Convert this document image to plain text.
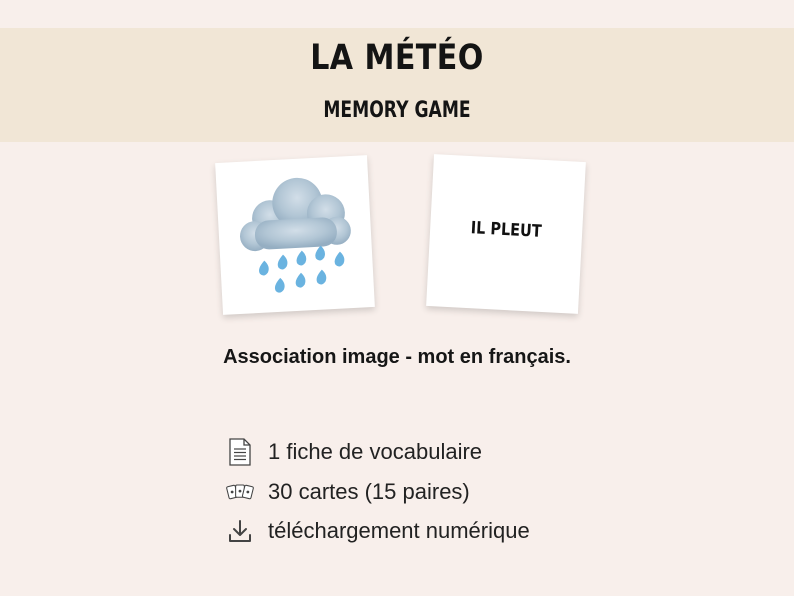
LA MÉTÉO
MEMORY GAME
IL PLEUT
Association image - mot en français.
1 fiche de vocabulaire
30 cartes (15 paires)
téléchargement numérique
